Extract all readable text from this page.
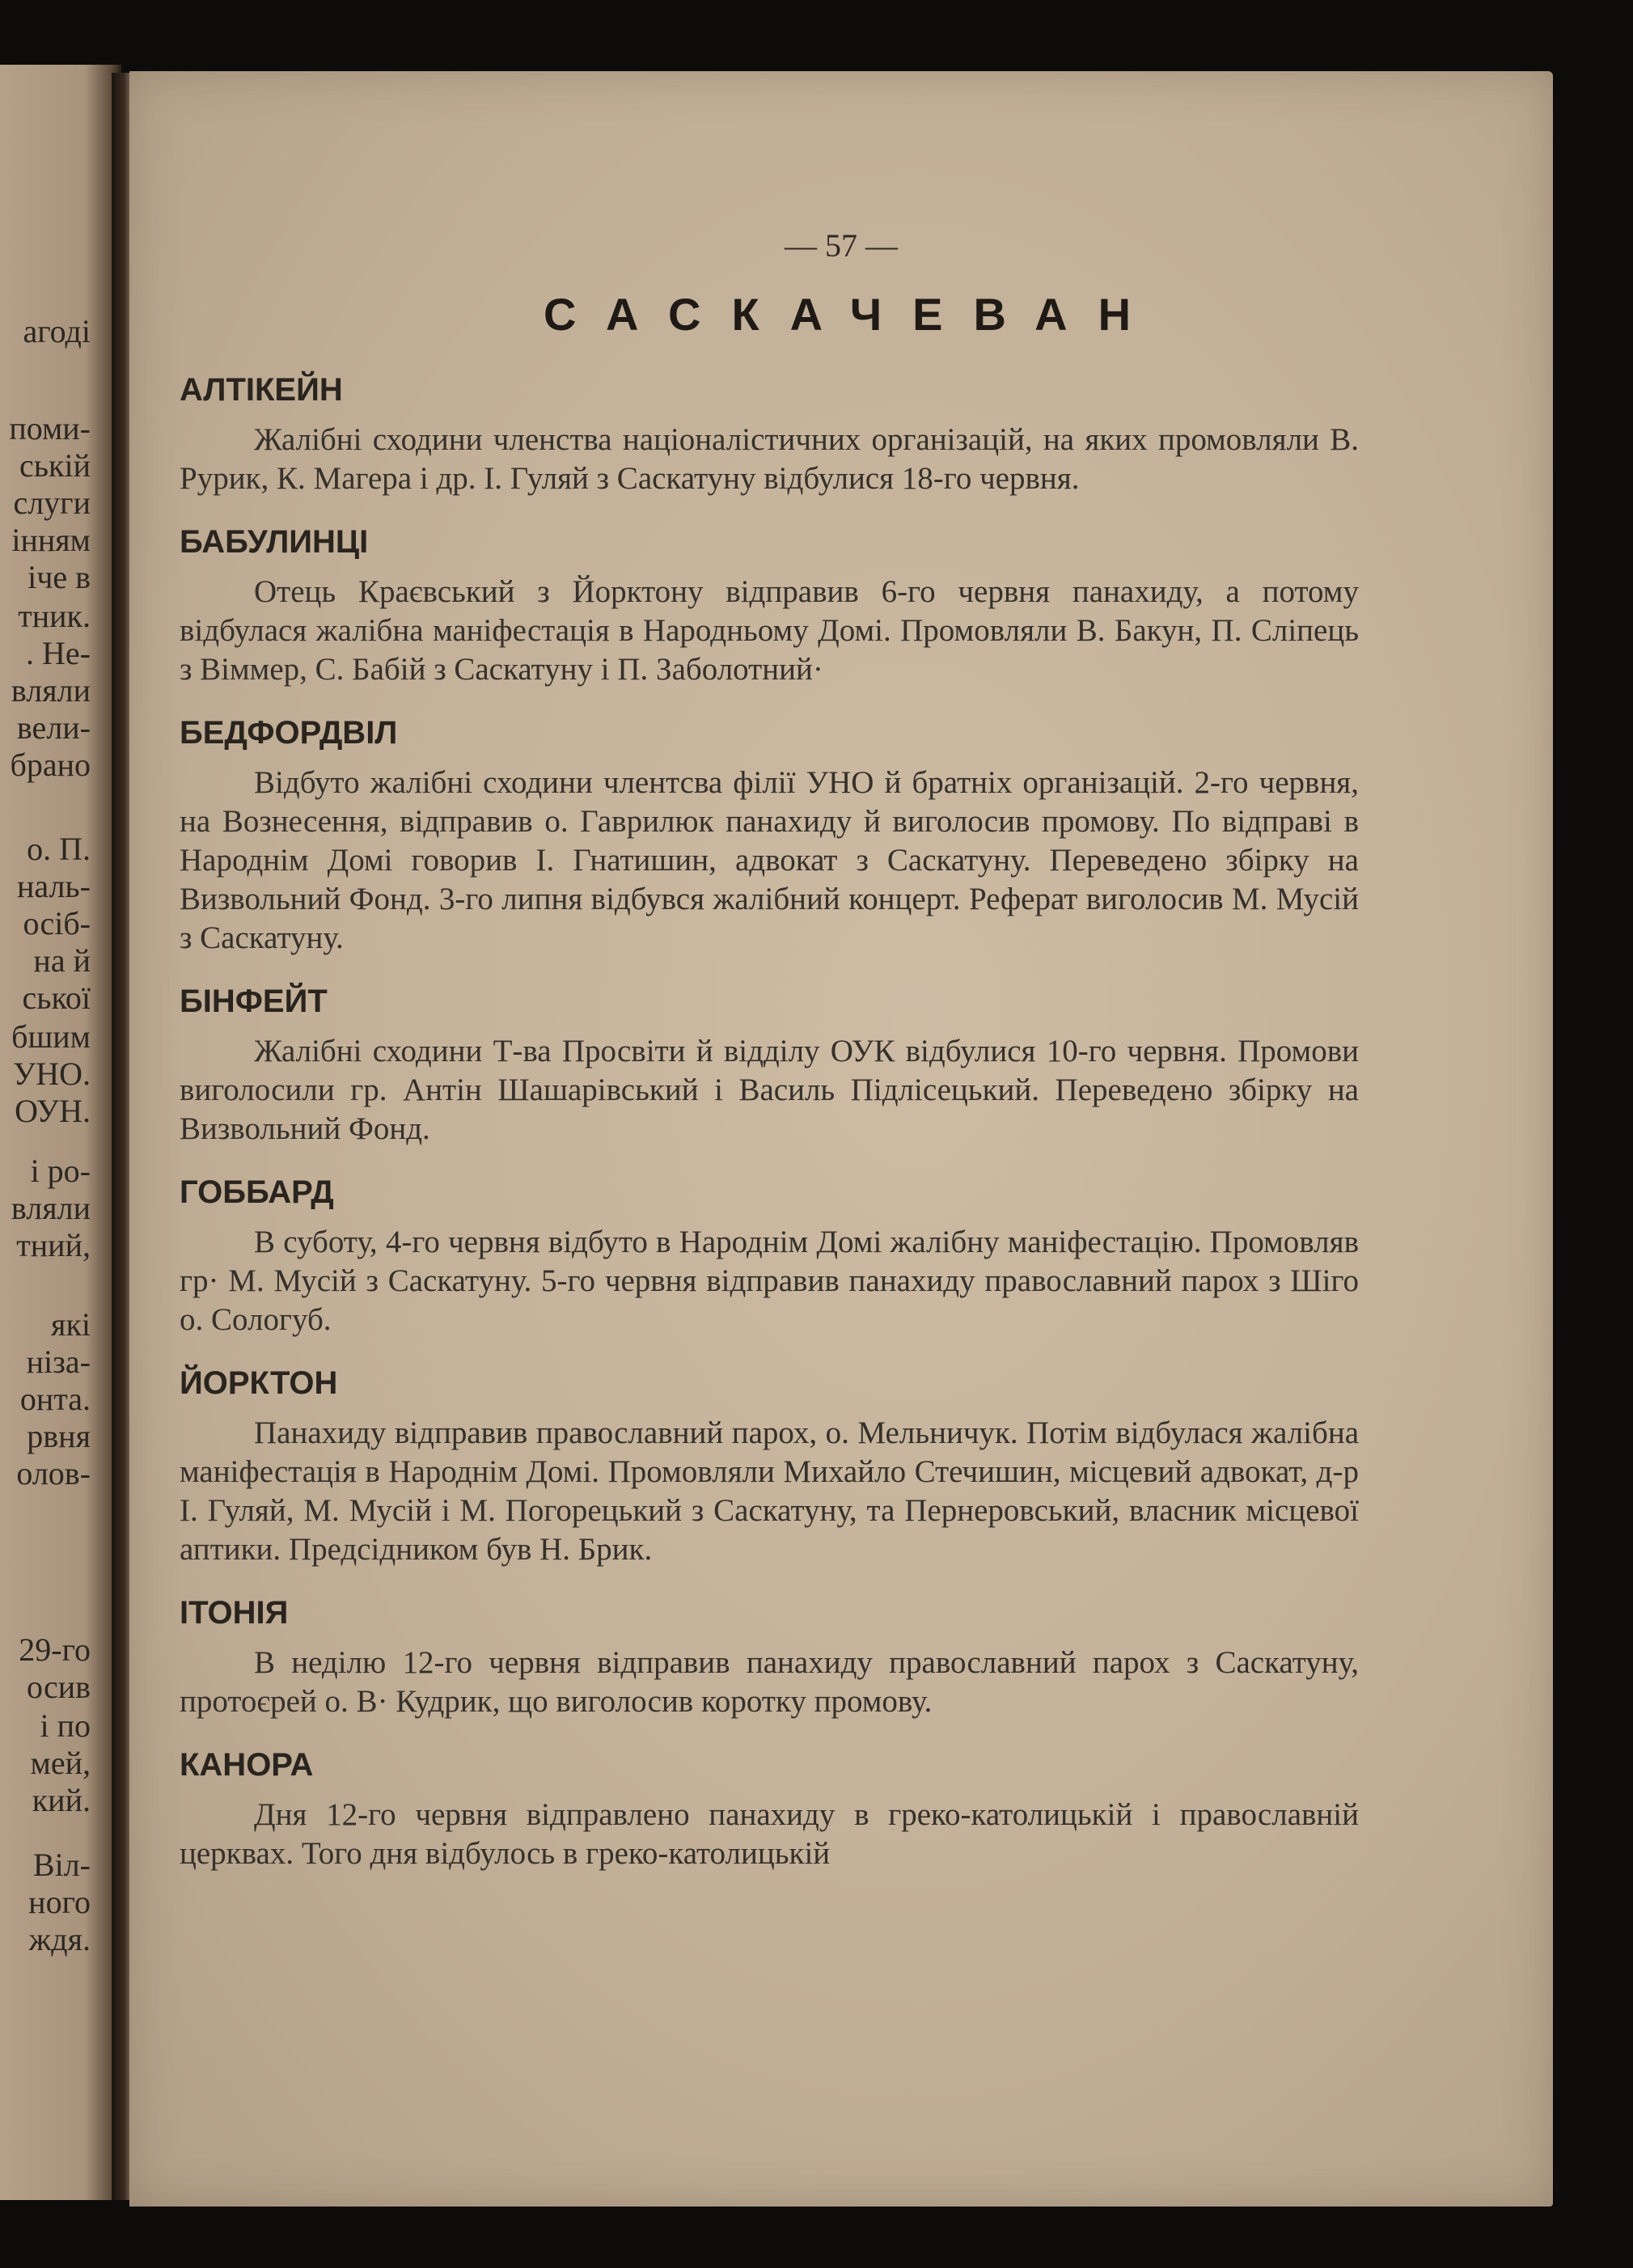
агоді
поми-
ській
слуги
інням
іче в
тник.
. Не-
вляли
вели-
брано
о. П.
наль-
осіб-
на й
ської
бшим
УНО.
ОУН.
і ро-
вляли
тний,
які
ніза-
онта.
рвня
олов-
29-го
осив
і по
мей,
кий.
Віл-
ного
ждя.
— 57 —
САСКАЧЕВАН
АЛТІКЕЙН
Жалібні сходини членства націоналістичних організацій, на яких промовляли В. Рурик, К. Магера і др. І. Гуляй з Саскатуну відбулися 18-го червня.
БАБУЛИНЦІ
Отець Краєвський з Йорктону відправив 6-го червня панахиду, а потому відбулася жалібна маніфестація в Народньому Домі. Промовляли В. Бакун, П. Сліпець з Віммер, С. Бабій з Саскатуну і П. Заболотний·
БЕДФОРДВІЛ
Відбуто жалібні сходини члентсва філії УНО й братніх організацій. 2-го червня, на Вознесення, відправив о. Гаврилюк панахиду й виголосив промову. По відправі в Народнім Домі говорив І. Гнатишин, адвокат з Саскатуну. Переведено збірку на Визвольний Фонд. 3-го липня відбувся жалібний концерт. Реферат виголосив М. Мусій з Саскатуну.
БІНФЕЙТ
Жалібні сходини Т-ва Просвіти й відділу ОУК відбулися 10-го червня. Промови виголосили гр. Антін Шашарівський і Василь Підлісецький. Переведено збірку на Визвольний Фонд.
ГОББАРД
В суботу, 4-го червня відбуто в Народнім Домі жалібну маніфестацію. Промовляв гр· М. Мусій з Саскатуну. 5-го червня відправив панахиду православний парох з Шіго о. Сологуб.
ЙОРКТОН
Панахиду відправив православний парох, о. Мельничук. Потім відбулася жалібна маніфестація в Народнім Домі. Промовляли Михайло Стечишин, місцевий адвокат, д-р І. Гуляй, М. Мусій і М. Погорецький з Саскатуну, та Пернеровський, власник місцевої аптики. Предсідником був Н. Брик.
ІТОНІЯ
В неділю 12-го червня відправив панахиду православний парох з Саскатуну, протоєрей о. В· Кудрик, що виголосив коротку промову.
КАНОРА
Дня 12-го червня відправлено панахиду в греко-католицькій і православній церквах. Того дня відбулось в греко-католицькій
